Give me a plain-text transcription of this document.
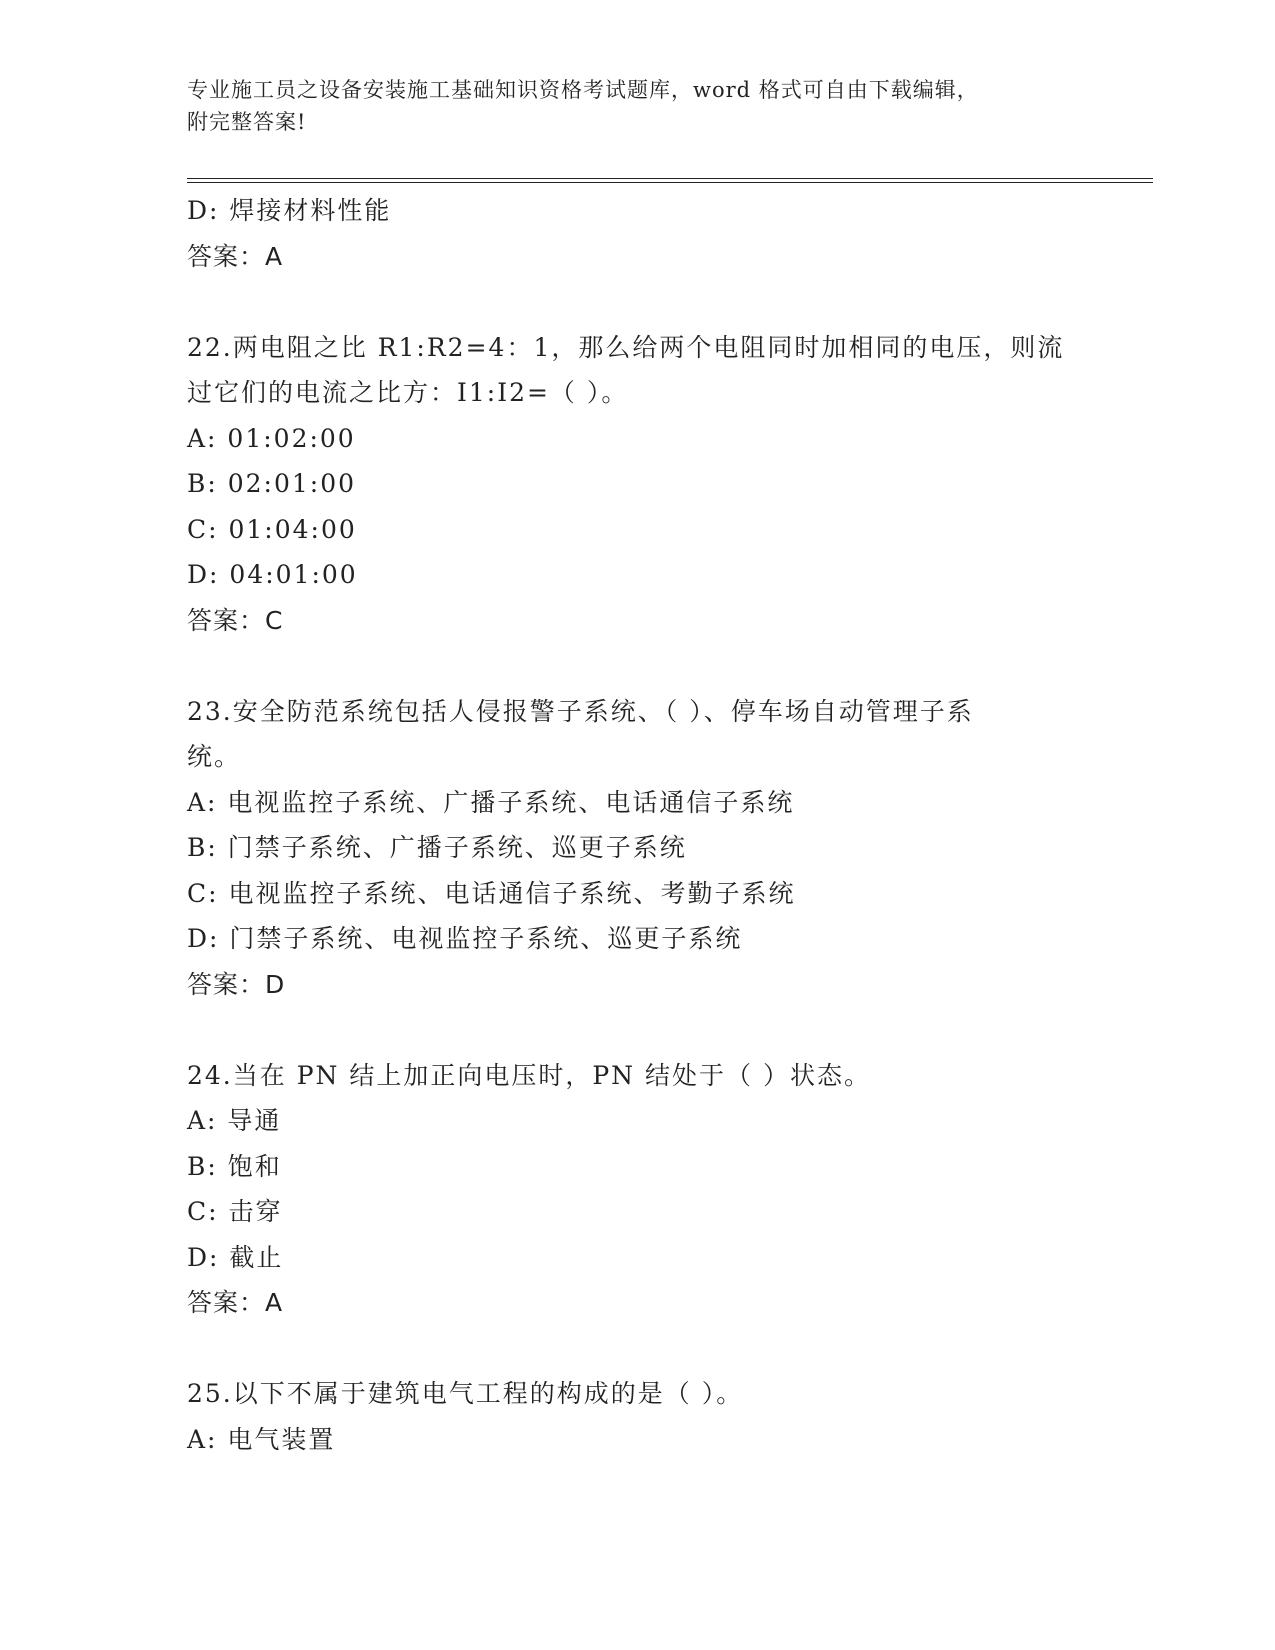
专业施工员之设备安装施工基础知识资格考试题库，word 格式可自由下载编辑，
附完整答案!
D: 焊接材料性能
答案：A
22.两电阻之比 R1:R2=4：1，那么给两个电阻同时加相同的电压，则流
过它们的电流之比方：I1:I2=（ ）。
A: 01:02:00
B: 02:01:00
C: 01:04:00
D: 04:01:00
答案：C
23.安全防范系统包括人侵报警子系统、（ ）、停车场自动管理子系
统。
A: 电视监控子系统、广播子系统、电话通信子系统
B: 门禁子系统、广播子系统、巡更子系统
C: 电视监控子系统、电话通信子系统、考勤子系统
D: 门禁子系统、电视监控子系统、巡更子系统
答案：D
24.当在 PN 结上加正向电压时，PN 结处于（ ）状态。
A: 导通
B: 饱和
C: 击穿
D: 截止
答案：A
25.以下不属于建筑电气工程的构成的是（ ）。
A: 电气装置
